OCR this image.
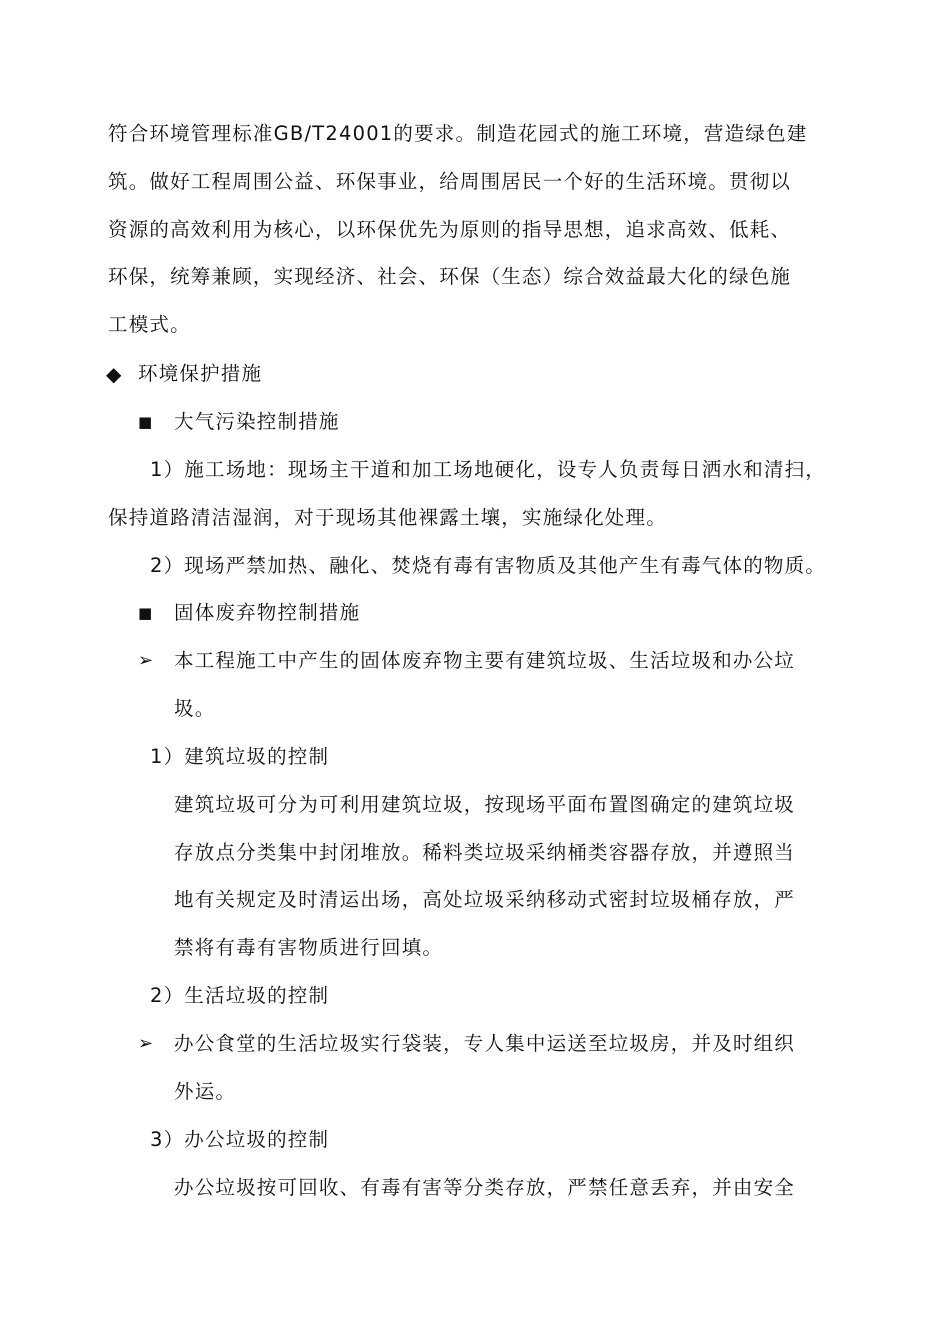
符合环境管理标准GB/T24001的要求。制造花园式的施工环境，营造绿色建
筑。做好工程周围公益、环保事业，给周围居民一个好的生活环境。贯彻以
资源的高效利用为核心，以环保优先为原则的指导思想，追求高效、低耗、
环保，统筹兼顾，实现经济、社会、环保（生态）综合效益最大化的绿色施
工模式。
◆ 环境保护措施
■ 大气污染控制措施
1）施工场地：现场主干道和加工场地硬化，设专人负责每日洒水和清扫，
保持道路清洁湿润，对于现场其他裸露土壤，实施绿化处理。
2）现场严禁加热、融化、焚烧有毒有害物质及其他产生有毒气体的物质。
■ 固体废弃物控制措施
➢ 本工程施工中产生的固体废弃物主要有建筑垃圾、生活垃圾和办公垃
圾。
1）建筑垃圾的控制
建筑垃圾可分为可利用建筑垃圾，按现场平面布置图确定的建筑垃圾
存放点分类集中封闭堆放。稀料类垃圾采纳桶类容器存放，并遵照当
地有关规定及时清运出场，高处垃圾采纳移动式密封垃圾桶存放，严
禁将有毒有害物质进行回填。
2）生活垃圾的控制
➢ 办公食堂的生活垃圾实行袋装，专人集中运送至垃圾房，并及时组织
外运。
3）办公垃圾的控制
办公垃圾按可回收、有毒有害等分类存放，严禁任意丢弃，并由安全
